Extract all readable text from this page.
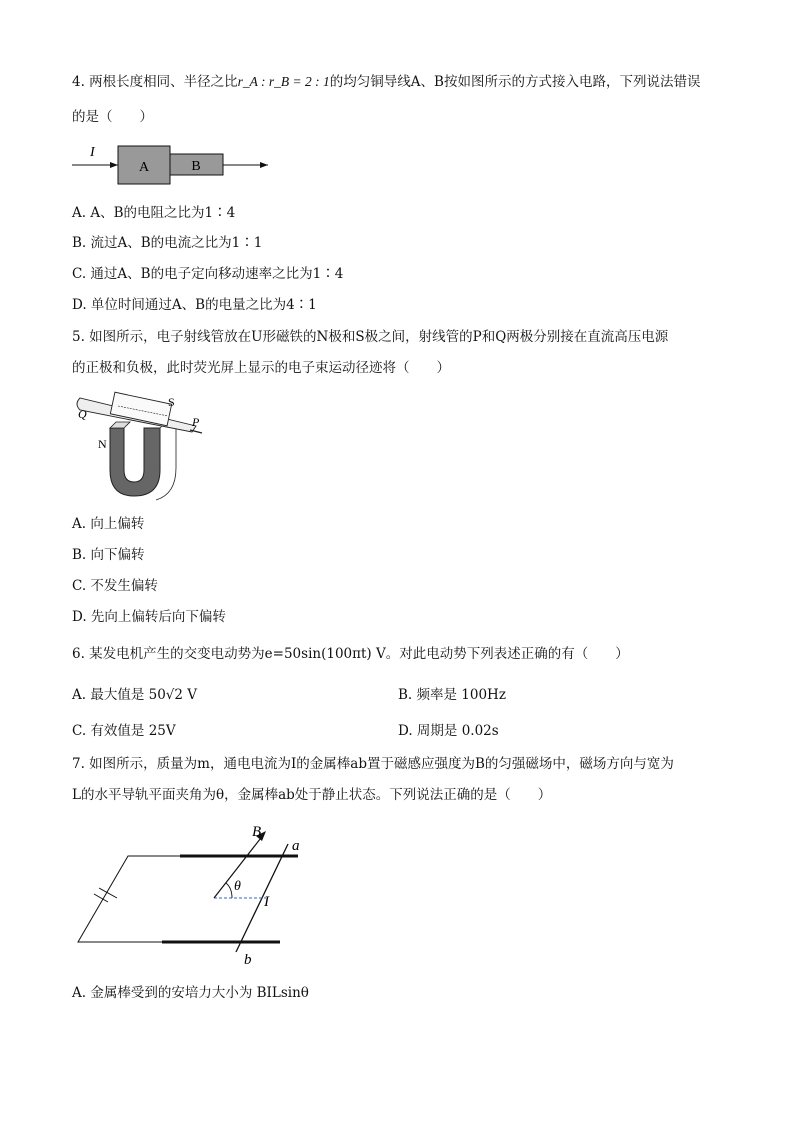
4. 两根长度相同、半径之比r_A : r_B = 2 : 1的均匀铜导线A、B按如图所示的方式接入电路，下列说法错误
的是（　　）
I
A	B
A. A、B的电阻之比为1∶4
B. 流过A、B的电流之比为1∶1
C. 通过A、B的电子定向移动速率之比为1∶4
D. 单位时间通过A、B的电量之比为4∶1
5. 如图所示，电子射线管放在U形磁铁的N极和S极之间，射线管的P和Q两极分别接在直流高压电源
的正极和负极，此时荧光屏上显示的电子束运动径迹将（　　）
Q
S
P
N
A. 向上偏转
B. 向下偏转
C. 不发生偏转
D. 先向上偏转后向下偏转
6. 某发电机产生的交变电动势为e=50sin(100πt) V。对此电动势下列表述正确的有（　　）
A. 最大值是 50√2 V	B. 频率是 100Hz
C. 有效值是 25V	D. 周期是 0.02s
7. 如图所示，质量为m，通电电流为I的金属棒ab置于磁感应强度为B的匀强磁场中，磁场方向与宽为
L的水平导轨平面夹角为θ，金属棒ab处于静止状态。下列说法正确的是（　　）
B
θ
I
a
b
A. 金属棒受到的安培力大小为 BILsinθ
